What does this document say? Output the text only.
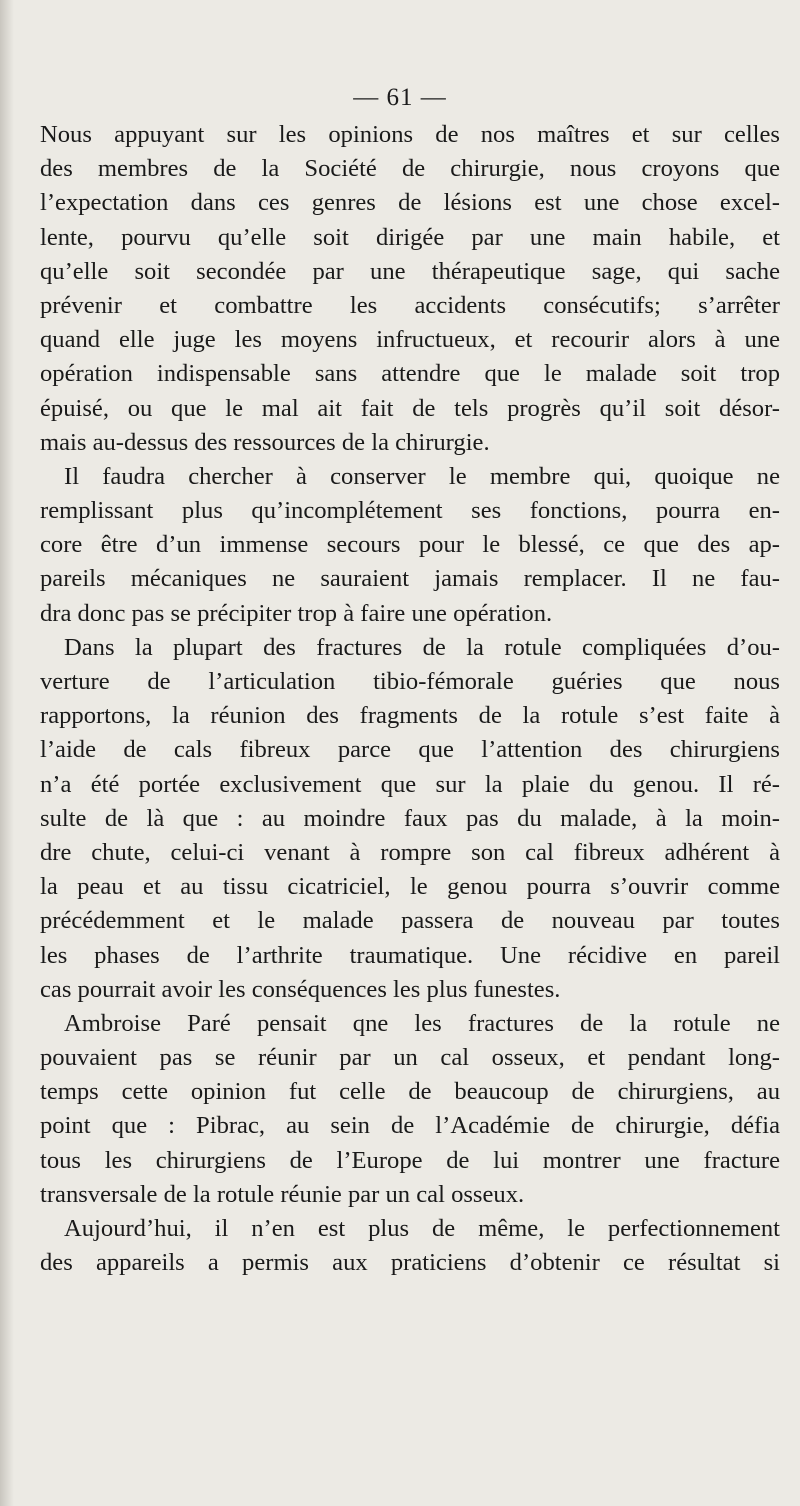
— 61 —
Nous appuyant sur les opinions de nos maîtres et sur celles
des membres de la Société de chirurgie, nous croyons que
l’expectation dans ces genres de lésions est une chose excel-
lente, pourvu qu’elle soit dirigée par une main habile, et
qu’elle soit secondée par une thérapeutique sage, qui sache
prévenir et combattre les accidents consécutifs; s’arrêter
quand elle juge les moyens infructueux, et recourir alors à une
opération indispensable sans attendre que le malade soit trop
épuisé, ou que le mal ait fait de tels progrès qu’il soit désor-
mais au-dessus des ressources de la chirurgie.
Il faudra chercher à conserver le membre qui, quoique ne
remplissant plus qu’incomplétement ses fonctions, pourra en-
core être d’un immense secours pour le blessé, ce que des ap-
pareils mécaniques ne sauraient jamais remplacer. Il ne fau-
dra donc pas se précipiter trop à faire une opération.
Dans la plupart des fractures de la rotule compliquées d’ou-
verture de l’articulation tibio-fémorale guéries que nous
rapportons, la réunion des fragments de la rotule s’est faite à
l’aide de cals fibreux parce que l’attention des chirurgiens
n’a été portée exclusivement que sur la plaie du genou. Il ré-
sulte de là que : au moindre faux pas du malade, à la moin-
dre chute, celui-ci venant à rompre son cal fibreux adhérent à
la peau et au tissu cicatriciel, le genou pourra s’ouvrir comme
précédemment et le malade passera de nouveau par toutes
les phases de l’arthrite traumatique. Une récidive en pareil
cas pourrait avoir les conséquences les plus funestes.
Ambroise Paré pensait qne les fractures de la rotule ne
pouvaient pas se réunir par un cal osseux, et pendant long-
temps cette opinion fut celle de beaucoup de chirurgiens, au
point que : Pibrac, au sein de l’Académie de chirurgie, défia
tous les chirurgiens de l’Europe de lui montrer une fracture
transversale de la rotule réunie par un cal osseux.
Aujourd’hui, il n’en est plus de même, le perfectionnement
des appareils a permis aux praticiens d’obtenir ce résultat si
